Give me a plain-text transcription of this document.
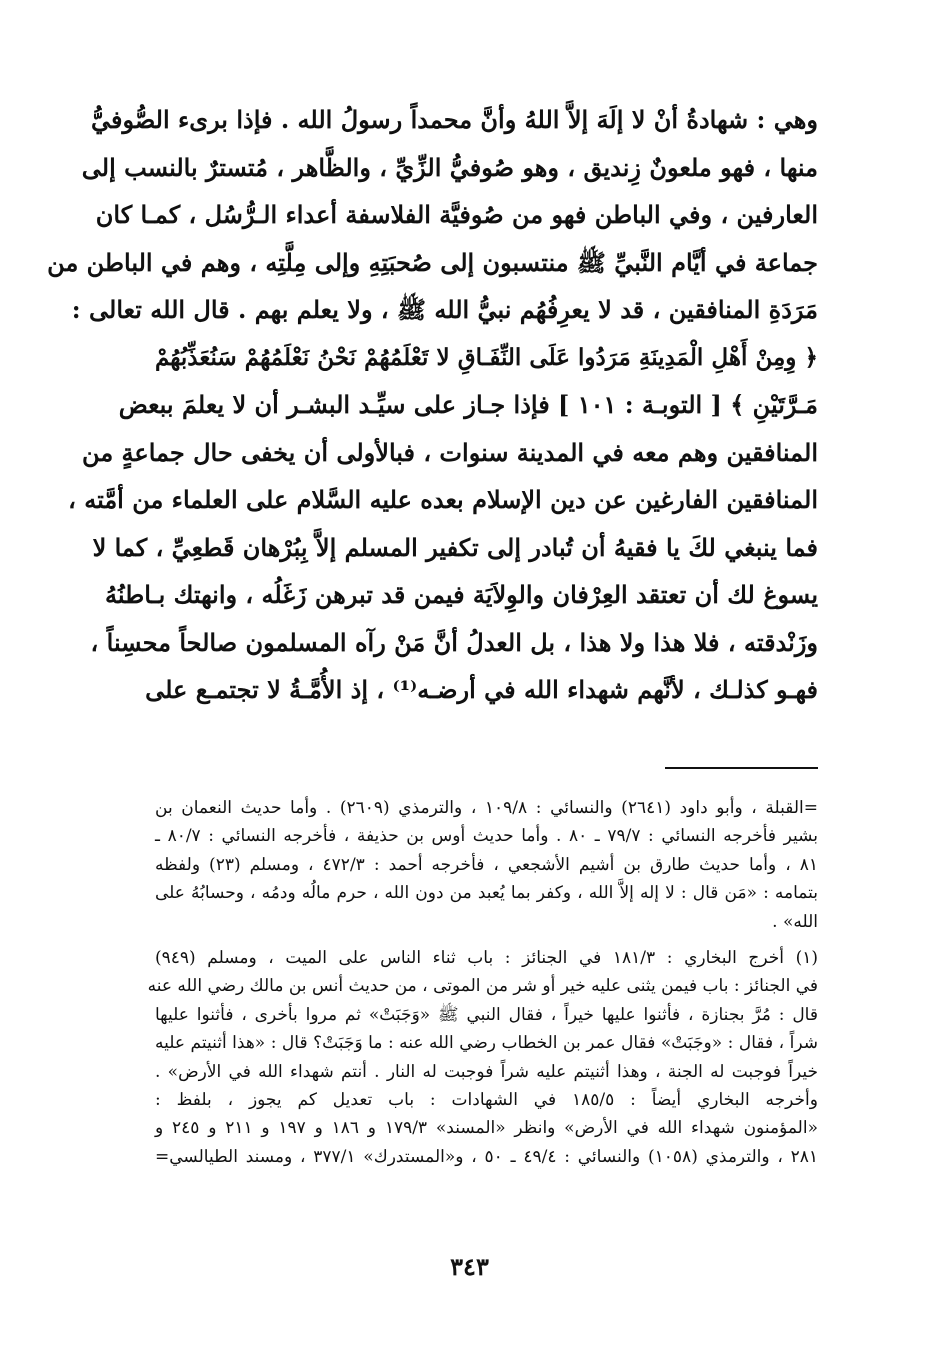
وهي : شهادةُ أنْ لا إلَهَ إلاَّ اللهُ وأنَّ محمداً رسولُ الله . فإذا برىء الصُّوفيُّ
منها ، فهو ملعونٌ زِنديق ، وهو صُوفيُّ الزِّيِّ ، والظَّاهر ، مُتسترٌ بالنسب إلى
العارفين ، وفي الباطن فهو من صُوفيَّة الفلاسفة أعداء الـرُّسُل ، كمـا كان
جماعة في أيَّام النَّبيِّ ﷺ منتسبون إلى صُحبَتِهِ وإلى مِلَّتِه ، وهم في الباطن من
مَرَدَةِ المنافقين ، قد لا يعرِفُهُم نبيُّ الله ﷺ ، ولا يعلم بهم . قال الله تعالى :
﴿ وِمِنْ أَهْلِ الْمَدِينَةِ مَرَدُوا عَلَى النِّفَـاقِ لا تَعْلَمُهُمْ نَحْنُ نَعْلَمُهُمْ سَنُعَذِّبُهُمْ
مَـرَّتَيْنِ ﴾ [ التوبـة : ١٠١ ] فإذا جـاز على سيِّـد البشـر أن لا يعلمَ ببعض
المنافقين وهم معه في المدينة سنوات ، فبالأولى أن يخفى حال جماعةٍ من
المنافقين الفارغين عن دين الإسلام بعده عليه السَّلام على العلماء من أمَّته ،
فما ينبغي لكَ يا فقيهُ أن تُبادر إلى تكفير المسلم إلاَّ بِبُرْهان قَطعِيِّ ، كما لا
يسوغ لك أن تعتقد العِرْفان والوِلاَيَة فيمن قد تبرهن زَغَلُه ، وانهتك بـاطنُهُ
وزَنْدقته ، فلا هذا ولا هذا ، بل العدلُ أنَّ مَنْ رآه المسلمون صالحاً محسِناً ،
فهـو كذلـك ، لأنَّهم شهداء الله في أرضـه⁽¹⁾ ، إذ الأُمَّـةُ لا تجتمـع على
=القبلة ، وأبو داود (٢٦٤١) والنسائي : ١٠٩/٨ ، والترمذي (٢٦٠٩) . وأما حديث النعمان بن
بشير فأخرجه النسائي : ٧٩/٧ ـ ٨٠ . وأما حديث أوس بن حذيفة ، فأخرجه النسائي : ٨٠/٧ ـ
٨١ ، وأما حديث طارق بن أشيم الأشجعي ، فأخرجه أحمد : ٤٧٢/٣ ، ومسلم (٢٣) ولفظه
بتمامه : «مَن قال : لا إله إلاَّ الله ، وكفر بما يُعبد من دون الله ، حرم مالُه ودمُه ، وحسابُهُ على
الله» .
(١) أخرج البخاري : ١٨١/٣ في الجنائز : باب ثناء الناس على الميت ، ومسلم (٩٤٩)
في الجنائز : باب فيمن يثنى عليه خير أو شر من الموتى ، من حديث أنس بن مالك رضي الله عنه
قال : مُرَّ بجنازة ، فأثنوا عليها خيراً ، فقال النبي ﷺ «وَجَبَتْ» ثم مروا بأخرى ، فأثنوا عليها
شراً ، فقال : «وجَبَتْ» فقال عمر بن الخطاب رضي الله عنه : ما وَجَبَتْ؟ قال : «هذا أثنيتم عليه
خيراً فوجبت له الجنة ، وهذا أثنيتم عليه شراً فوجبت له النار . أنتم شهداء الله في الأرض» .
وأخرجه البخاري أيضاً : ١٨٥/٥ في الشهادات : باب تعديل كم يجوز ، بلفظ :
«المؤمنون شهداء الله في الأرض» وانظر «المسند» ١٧٩/٣ و ١٨٦ و ١٩٧ و ٢١١ و ٢٤٥ و
٢٨١ ، والترمذي (١٠٥٨) والنسائي : ٤٩/٤ ـ ٥٠ ، و«المستدرك» ٣٧٧/١ ، ومسند الطيالسي=
٣٤٣
